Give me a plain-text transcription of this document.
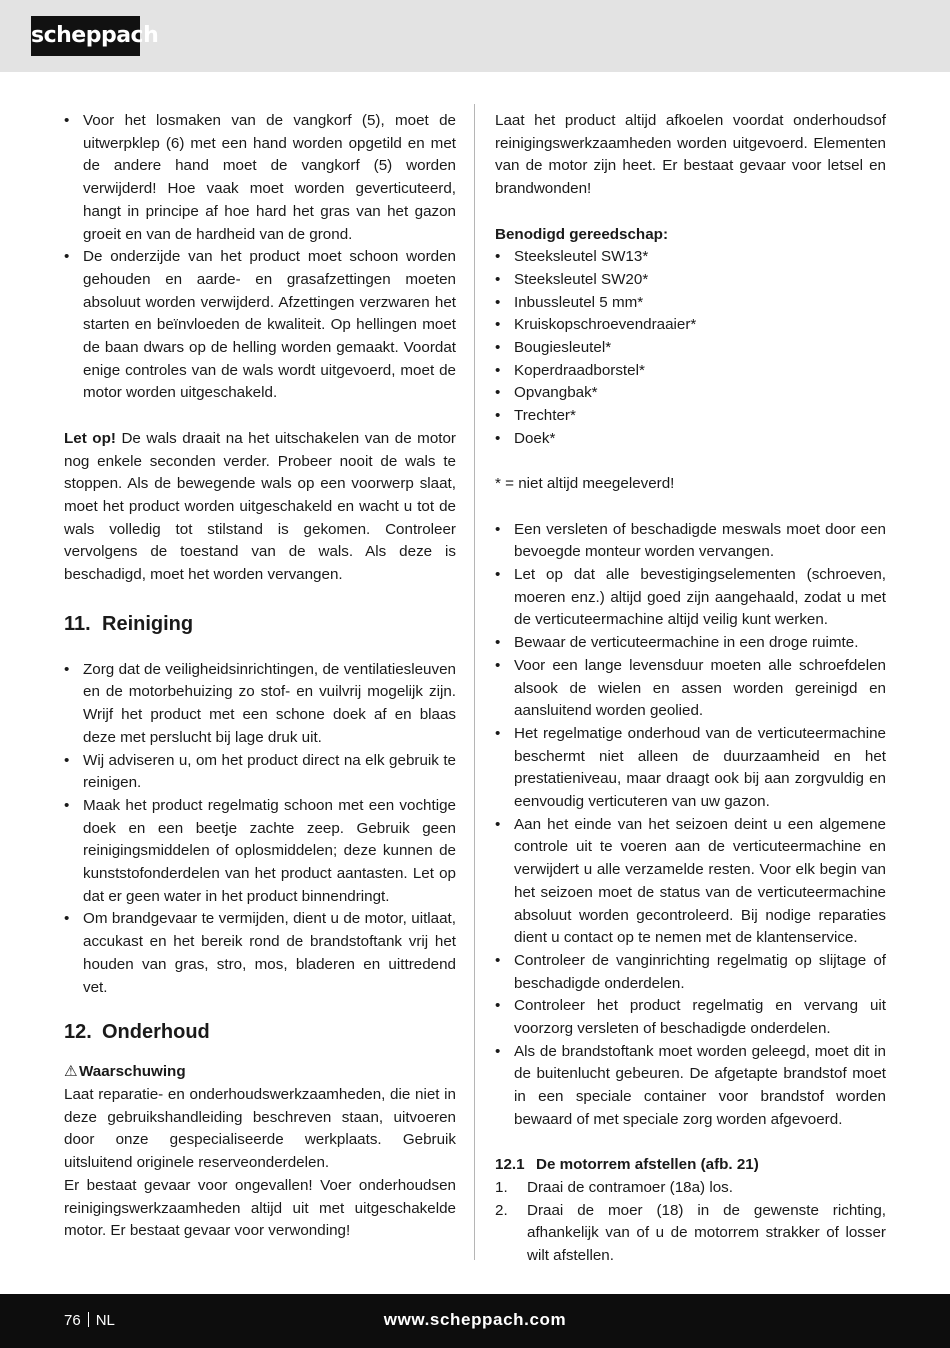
scheppach
• Voor het losmaken van de vangkorf (5), moet de uitwerpklep (6) met een hand worden opgetild en met de andere hand moet de vangkorf (5) worden verwijderd! Hoe vaak moet worden geverticuteerd, hangt in principe af hoe hard het gras van het gazon groeit en van de hardheid van de grond.
• De onderzijde van het product moet schoon worden gehouden en aarde- en grasafzettingen moeten absoluut worden verwijderd. Afzettingen verzwaren het starten en beïnvloeden de kwaliteit. Op hellingen moet de baan dwars op de helling worden gemaakt. Voordat enige controles van de wals wordt uitgevoerd, moet de motor worden uitgeschakeld.

Let op! De wals draait na het uitschakelen van de motor nog enkele seconden verder. Probeer nooit de wals te stoppen. Als de bewegende wals op een voorwerp slaat, moet het product worden uitgeschakeld en wacht u tot de wals volledig tot stilstand is gekomen. Controleer vervolgens de toestand van de wals. Als deze is beschadigd, moet het worden vervangen.

11. Reiniging
• Zorg dat de veiligheidsinrichtingen, de ventilatiesleuven en de motorbehuizing zo stof- en vuilvrij mogelijk zijn. Wrijf het product met een schone doek af en blaas deze met perslucht bij lage druk uit.
• Wij adviseren u, om het product direct na elk gebruik te reinigen.
• Maak het product regelmatig schoon met een vochtige doek en een beetje zachte zeep. Gebruik geen reinigingsmiddelen of oplosmiddelen; deze kunnen de kunststofonderdelen van het product aantasten. Let op dat er geen water in het product binnendringt.
• Om brandgevaar te vermijden, dient u de motor, uitlaat, accukast en het bereik rond de brandstoftank vrij het houden van gras, stro, mos, bladeren en uittredend vet.
12. Onderhoud
⚠Waarschuwing

Laat reparatie- en onderhoudswerkzaamheden, die niet in deze gebruikshandleiding beschreven staan, uitvoeren door onze gespecialiseerde werkplaats. Gebruik uitsluitend originele reserveonderdelen.

Er bestaat gevaar voor ongevallen! Voer onderhoudsen reinigingswerkzaamheden altijd uit met uitgeschakelde motor. Er bestaat gevaar voor verwonding!

Laat het product altijd afkoelen voordat onderhoudsof reinigingswerkzaamheden worden uitgevoerd. Elementen van de motor zijn heet. Er bestaat gevaar voor letsel en brandwonden!

Benodigd gereedschap:
• Steeksleutel SW13*
• Steeksleutel SW20*
• Inbussleutel 5 mm*
• Kruiskopschroevendraaier*
• Bougiesleutel*
• Koperdraadborstel*
• Opvangbak*
• Trechter*
• Doek*

* = niet altijd meegeleverd!

• Een versleten of beschadigde meswals moet door een bevoegde monteur worden vervangen.
• Let op dat alle bevestigingselementen (schroeven, moeren enz.) altijd goed zijn aangehaald, zodat u met de verticuteermachine altijd veilig kunt werken.
• Bewaar de verticuteermachine in een droge ruimte.
• Voor een lange levensduur moeten alle schroefdelen alsook de wielen en assen worden gereinigd en aansluitend worden geolied.
• Het regelmatige onderhoud van de verticuteermachine beschermt niet alleen de duurzaamheid en het prestatieniveau, maar draagt ook bij aan zorgvuldig en eenvoudig verticuteren van uw gazon.
• Aan het einde van het seizoen deint u een algemene controle uit te voeren aan de verticuteermachine en verwijdert u alle verzamelde resten. Voor elk begin van het seizoen moet de status van de verticuteermachine absoluut worden gecontroleerd. Bij nodige reparaties dient u contact op te nemen met de klantenservice.
• Controleer de vanginrichting regelmatig op slijtage of beschadigde onderdelen.
• Controleer het product regelmatig en vervang uit voorzorg versleten of beschadigde onderdelen.
• Als de brandstoftank moet worden geleegd, moet dit in de buitenlucht gebeuren. De afgetapte brandstof moet in een speciale container voor brandstof worden bewaard of met speciale zorg worden afgevoerd.
12.1 De motorrem afstellen (afb. 21)
1. Draai de contramoer (18a) los.
2. Draai de moer (18) in de gewenste richting, afhankelijk van of u de motorrem strakker of losser wilt afstellen.
76 NL	www.scheppach.com
